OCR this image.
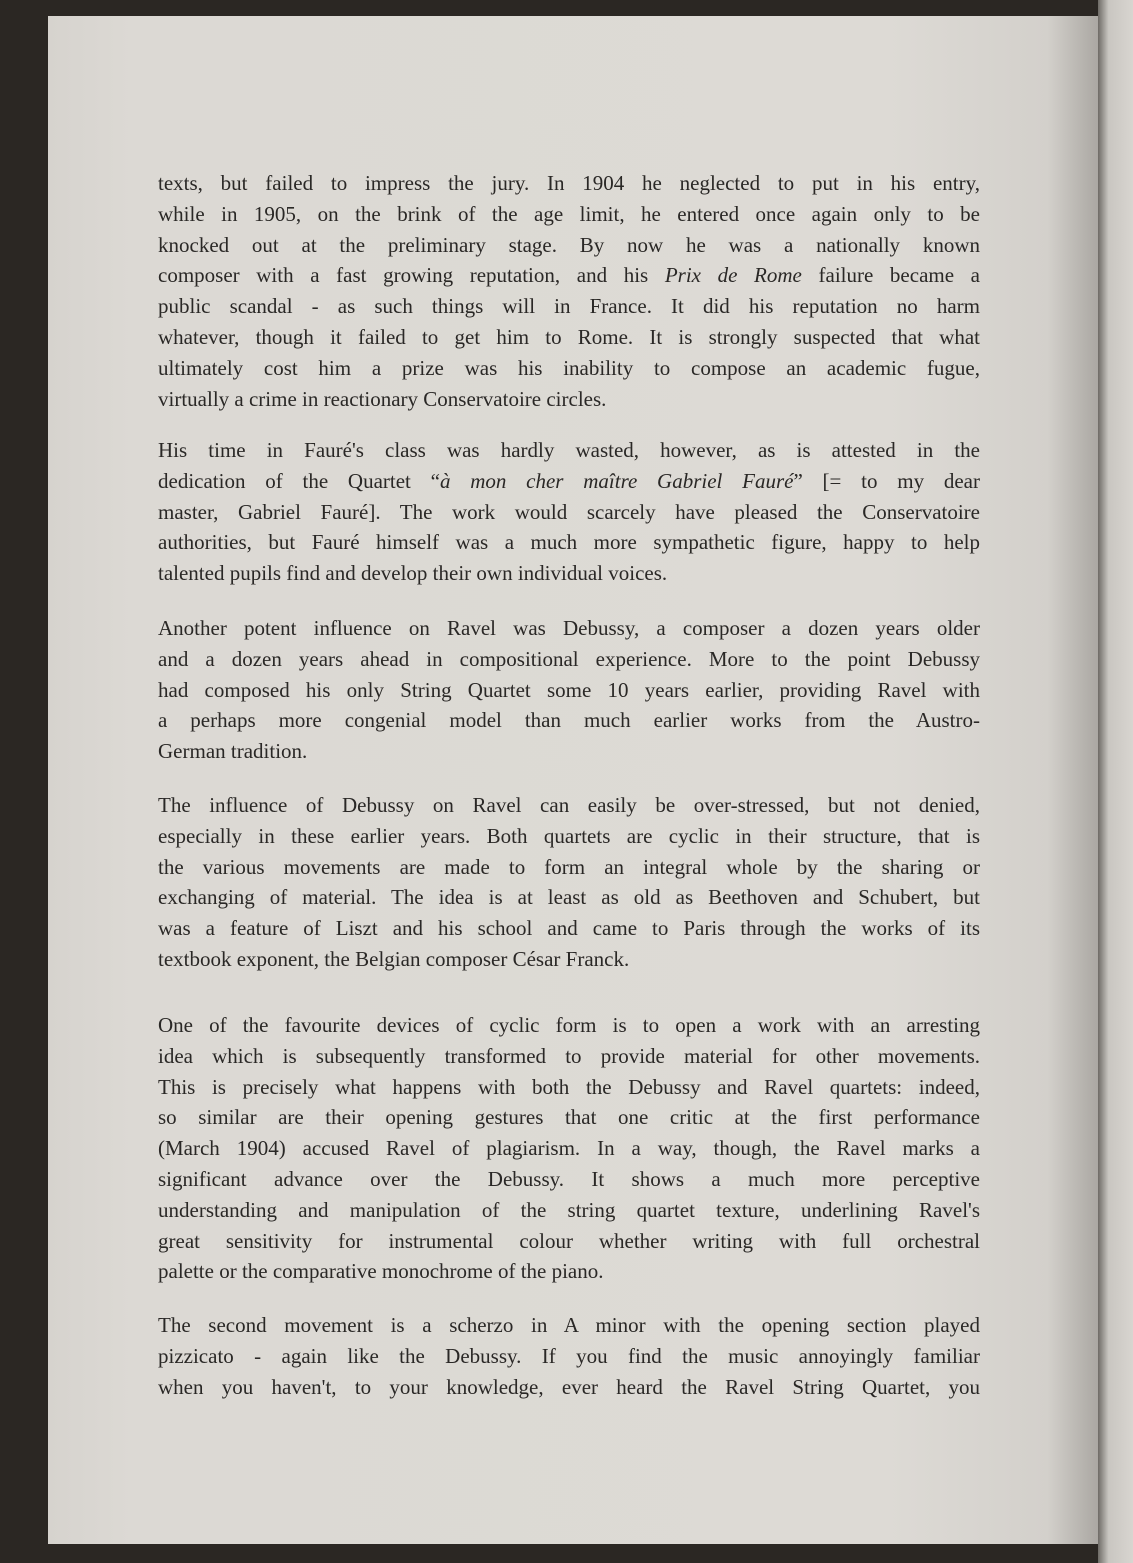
texts, but failed to impress the jury. In 1904 he neglected to put in his entry,
while in 1905, on the brink of the age limit, he entered once again only to be
knocked out at the preliminary stage. By now he was a nationally known
composer with a fast growing reputation, and his Prix de Rome failure became a
public scandal - as such things will in France. It did his reputation no harm
whatever, though it failed to get him to Rome. It is strongly suspected that what
ultimately cost him a prize was his inability to compose an academic fugue,
virtually a crime in reactionary Conservatoire circles.
His time in Fauré's class was hardly wasted, however, as is attested in the
dedication of the Quartet “à mon cher maître Gabriel Fauré” [= to my dear
master, Gabriel Fauré]. The work would scarcely have pleased the Conservatoire
authorities, but Fauré himself was a much more sympathetic figure, happy to help
talented pupils find and develop their own individual voices.
Another potent influence on Ravel was Debussy, a composer a dozen years older
and a dozen years ahead in compositional experience. More to the point Debussy
had composed his only String Quartet some 10 years earlier, providing Ravel with
a perhaps more congenial model than much earlier works from the Austro-
German tradition.
The influence of Debussy on Ravel can easily be over-stressed, but not denied,
especially in these earlier years. Both quartets are cyclic in their structure, that is
the various movements are made to form an integral whole by the sharing or
exchanging of material. The idea is at least as old as Beethoven and Schubert, but
was a feature of Liszt and his school and came to Paris through the works of its
textbook exponent, the Belgian composer César Franck.
One of the favourite devices of cyclic form is to open a work with an arresting
idea which is subsequently transformed to provide material for other movements.
This is precisely what happens with both the Debussy and Ravel quartets: indeed,
so similar are their opening gestures that one critic at the first performance
(March 1904) accused Ravel of plagiarism. In a way, though, the Ravel marks a
significant advance over the Debussy. It shows a much more perceptive
understanding and manipulation of the string quartet texture, underlining Ravel's
great sensitivity for instrumental colour whether writing with full orchestral
palette or the comparative monochrome of the piano.
The second movement is a scherzo in A minor with the opening section played
pizzicato - again like the Debussy. If you find the music annoyingly familiar
when you haven't, to your knowledge, ever heard the Ravel String Quartet, you
